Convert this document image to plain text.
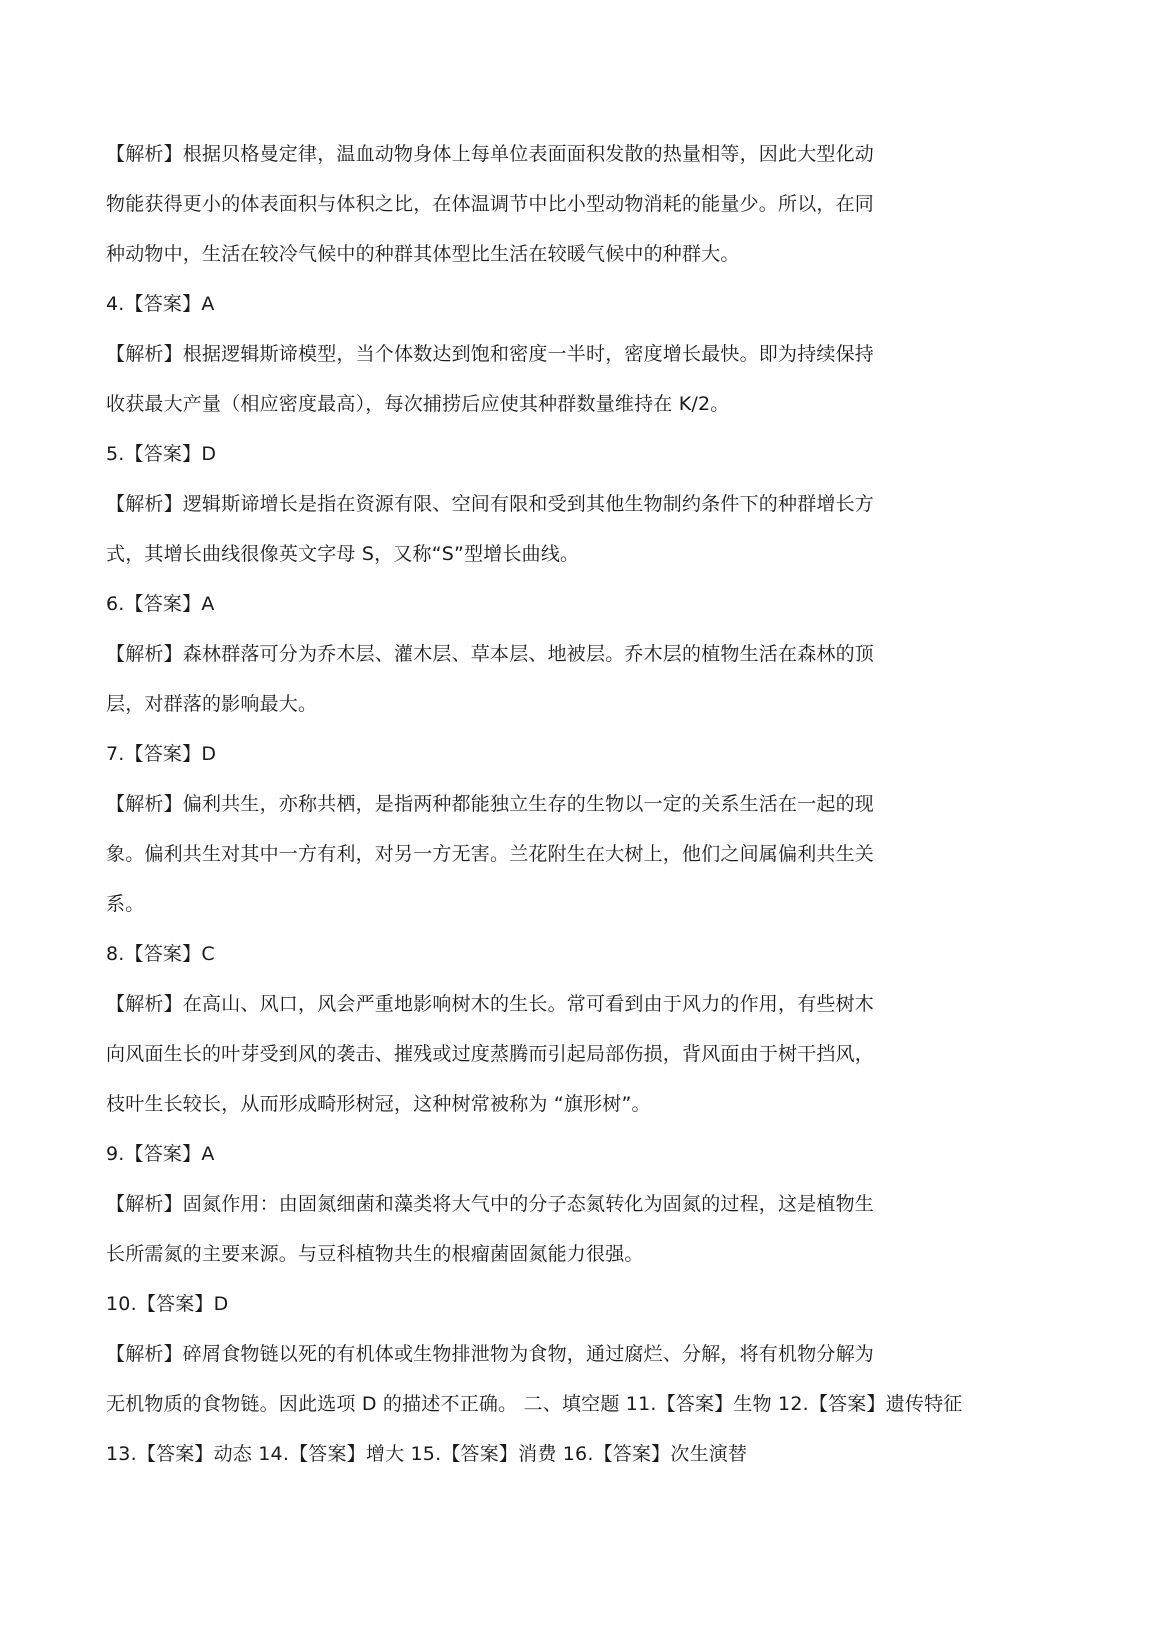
【解析】根据贝格曼定律，温血动物身体上每单位表面面积发散的热量相等，因此大型化动
物能获得更小的体表面积与体积之比，在体温调节中比小型动物消耗的能量少。所以，在同
种动物中，生活在较冷气候中的种群其体型比生活在较暖气候中的种群大。
4.【答案】A
【解析】根据逻辑斯谛模型，当个体数达到饱和密度一半时，密度增长最快。即为持续保持
收获最大产量（相应密度最高），每次捕捞后应使其种群数量维持在 K/2。
5.【答案】D
【解析】逻辑斯谛增长是指在资源有限、空间有限和受到其他生物制约条件下的种群增长方
式，其增长曲线很像英文字母 S，又称“S”型增长曲线。
6.【答案】A
【解析】森林群落可分为乔木层、灌木层、草本层、地被层。乔木层的植物生活在森林的顶
层，对群落的影响最大。
7.【答案】D
【解析】偏利共生，亦称共栖，是指两种都能独立生存的生物以一定的关系生活在一起的现
象。偏利共生对其中一方有利，对另一方无害。兰花附生在大树上，他们之间属偏利共生关
系。
8.【答案】C
【解析】在高山、风口，风会严重地影响树木的生长。常可看到由于风力的作用，有些树木
向风面生长的叶芽受到风的袭击、摧残或过度蒸腾而引起局部伤损，背风面由于树干挡风，
枝叶生长较长，从而形成畸形树冠，这种树常被称为 “旗形树”。
9.【答案】A
【解析】固氮作用：由固氮细菌和藻类将大气中的分子态氮转化为固氮的过程，这是植物生
长所需氮的主要来源。与豆科植物共生的根瘤菌固氮能力很强。
10.【答案】D
【解析】碎屑食物链以死的有机体或生物排泄物为食物，通过腐烂、分解，将有机物分解为
无机物质的食物链。因此选项 D 的描述不正确。 二、填空题 11.【答案】生物 12.【答案】遗传特征
13.【答案】动态 14.【答案】增大 15.【答案】消费 16.【答案】次生演替
